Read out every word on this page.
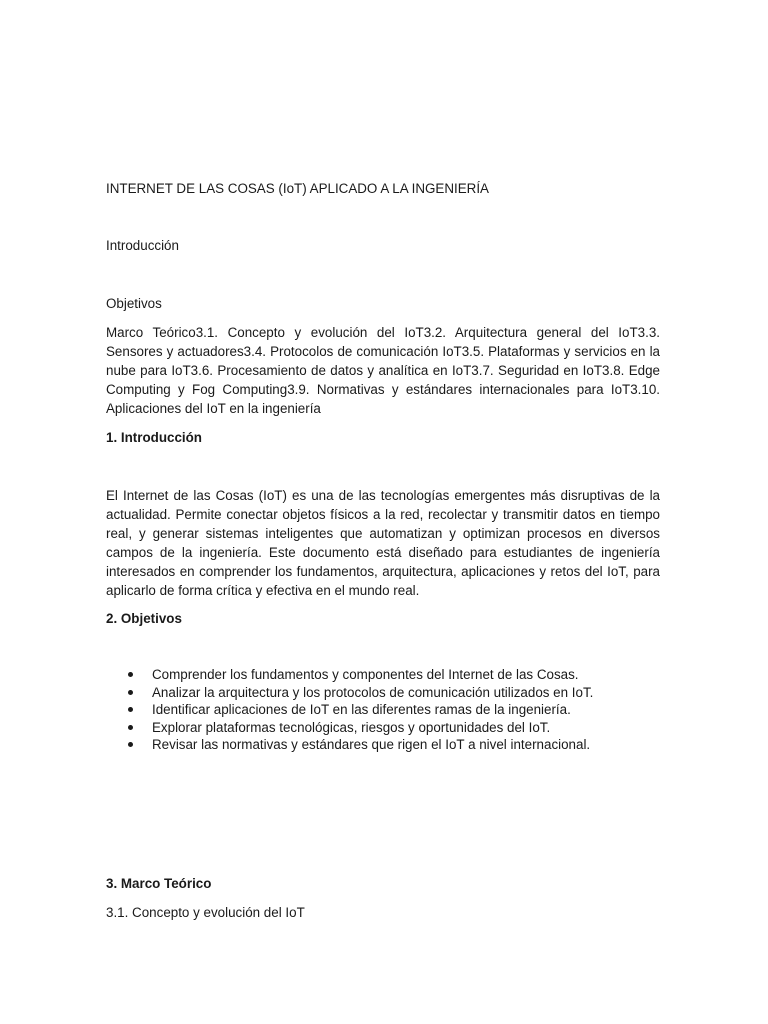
INTERNET DE LAS COSAS (IoT) APLICADO A LA INGENIERÍA

Introducción

Objetivos

Marco Teórico3.1. Concepto y evolución del IoT3.2. Arquitectura general del IoT3.3. Sensores y actuadores3.4. Protocolos de comunicación IoT3.5. Plataformas y servicios en la nube para IoT3.6. Procesamiento de datos y analítica en IoT3.7. Seguridad en IoT3.8. Edge Computing y Fog Computing3.9. Normativas y estándares internacionales para IoT3.10. Aplicaciones del IoT en la ingeniería

1. Introducción

El Internet de las Cosas (IoT) es una de las tecnologías emergentes más disruptivas de la actualidad. Permite conectar objetos físicos a la red, recolectar y transmitir datos en tiempo real, y generar sistemas inteligentes que automatizan y optimizan procesos en diversos campos de la ingeniería. Este documento está diseñado para estudiantes de ingeniería interesados en comprender los fundamentos, arquitectura, aplicaciones y retos del IoT, para aplicarlo de forma crítica y efectiva en el mundo real.

2. Objetivos

Comprender los fundamentos y componentes del Internet de las Cosas.
Analizar la arquitectura y los protocolos de comunicación utilizados en IoT.
Identificar aplicaciones de IoT en las diferentes ramas de la ingeniería.
Explorar plataformas tecnológicas, riesgos y oportunidades del IoT.
Revisar las normativas y estándares que rigen el IoT a nivel internacional.

3. Marco Teórico

3.1. Concepto y evolución del IoT
